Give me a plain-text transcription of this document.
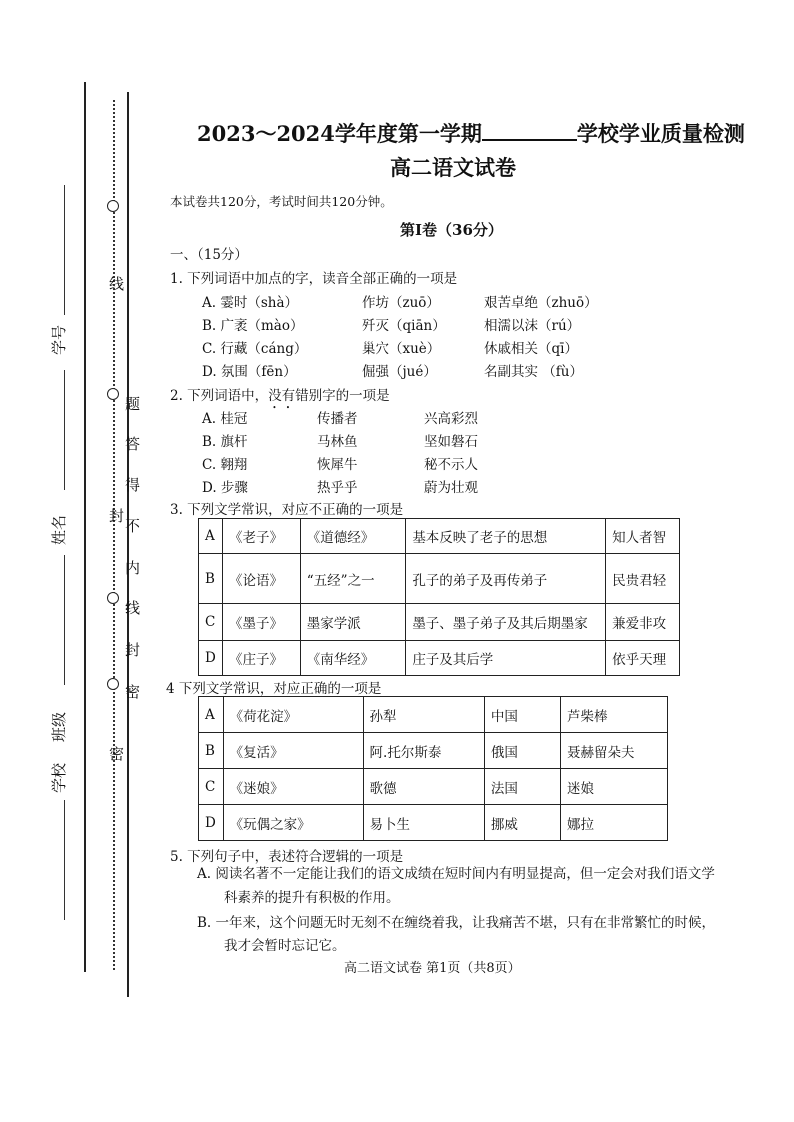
学号
姓名
班级
学校
线
封
密
题
答
得
不
内
线
封
密
2023～2024学年度第一学期	学校学业质量检测
高二语文试卷
本试卷共120分，考试时间共120分钟。
第Ⅰ卷（36分）
一、（15分）
1. 下列词语中加点的字，读音全部正确的一项是
A. 霎时（shà）	作坊（zuō）	艰苦卓绝（zhuō）
B. 广袤（mào）	歼灭（qiān）	相濡以沫（rú）
C. 行藏（cáng）	巢穴（xuè）	休戚相关（qī）
D. 氛围（fēn）	倔强（jué）	名副其实 （fù）
2. 下列词语中，没有错别字的一项是
A. 桂冠	传播者	兴高彩烈
B. 旗杆	马林鱼	坚如磐石
C. 翱翔	恢犀牛	秘不示人
D. 步骤	热乎乎	蔚为壮观
3. 下列文学常识，对应不正确的一项是
A	《老子》	《道德经》	基本反映了老子的思想	知人者智
B	《论语》	“五经”之一	孔子的弟子及再传弟子	民贵君轻
C	《墨子》	墨家学派	墨子、墨子弟子及其后期墨家	兼爱非攻
D	《庄子》	《南华经》	庄子及其后学	依乎天理
4 下列文学常识，对应正确的一项是
A	《荷花淀》	孙犁	中国	芦柴棒
B	《复活》	阿.托尔斯泰	俄国	聂赫留朵夫
C	《迷娘》	歌德	法国	迷娘
D	《玩偶之家》	易卜生	挪威	娜拉
5. 下列句子中，表述符合逻辑的一项是
A. 阅读名著不一定能让我们的语文成绩在短时间内有明显提高，但一定会对我们语文学
科素养的提升有积极的作用。
B. 一年来，这个问题无时无刻不在缠绕着我，让我痛苦不堪，只有在非常繁忙的时候，
我才会暂时忘记它。
高二语文试卷 第1页（共8页）
